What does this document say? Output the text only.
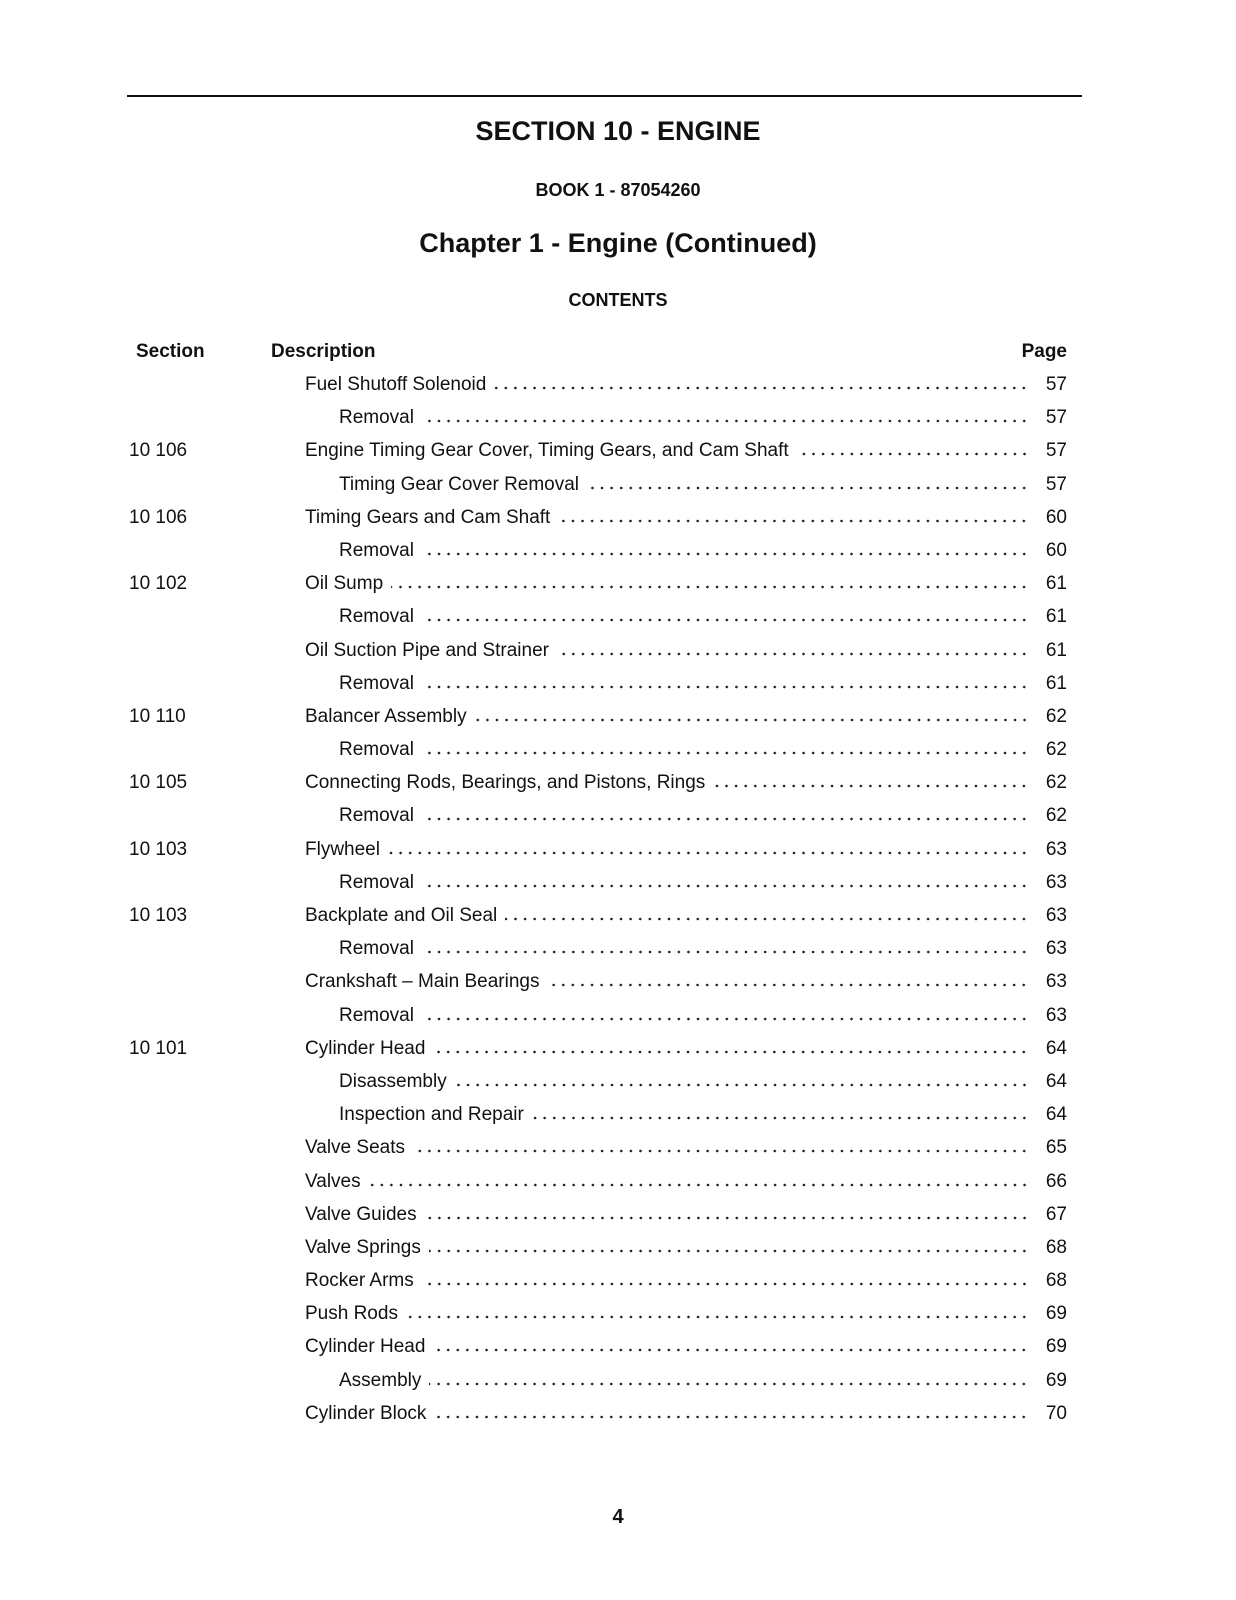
SECTION 10 - ENGINE
BOOK 1 - 87054260
Chapter 1 - Engine (Continued)
CONTENTS
Section	Description	Page
Fuel Shutoff Solenoid	57
Removal	57
10 106	Engine Timing Gear Cover, Timing Gears, and Cam Shaft	57
Timing Gear Cover Removal	57
10 106	Timing Gears and Cam Shaft	60
Removal	60
10 102	Oil Sump	61
Removal	61
Oil Suction Pipe and Strainer	61
Removal	61
10 110	Balancer Assembly	62
Removal	62
10 105	Connecting Rods, Bearings, and Pistons, Rings	62
Removal	62
10 103	Flywheel	63
Removal	63
10 103	Backplate and Oil Seal	63
Removal	63
Crankshaft – Main Bearings	63
Removal	63
10 101	Cylinder Head	64
Disassembly	64
Inspection and Repair	64
Valve Seats	65
Valves	66
Valve Guides	67
Valve Springs	68
Rocker Arms	68
Push Rods	69
Cylinder Head	69
Assembly	69
Cylinder Block	70
4
